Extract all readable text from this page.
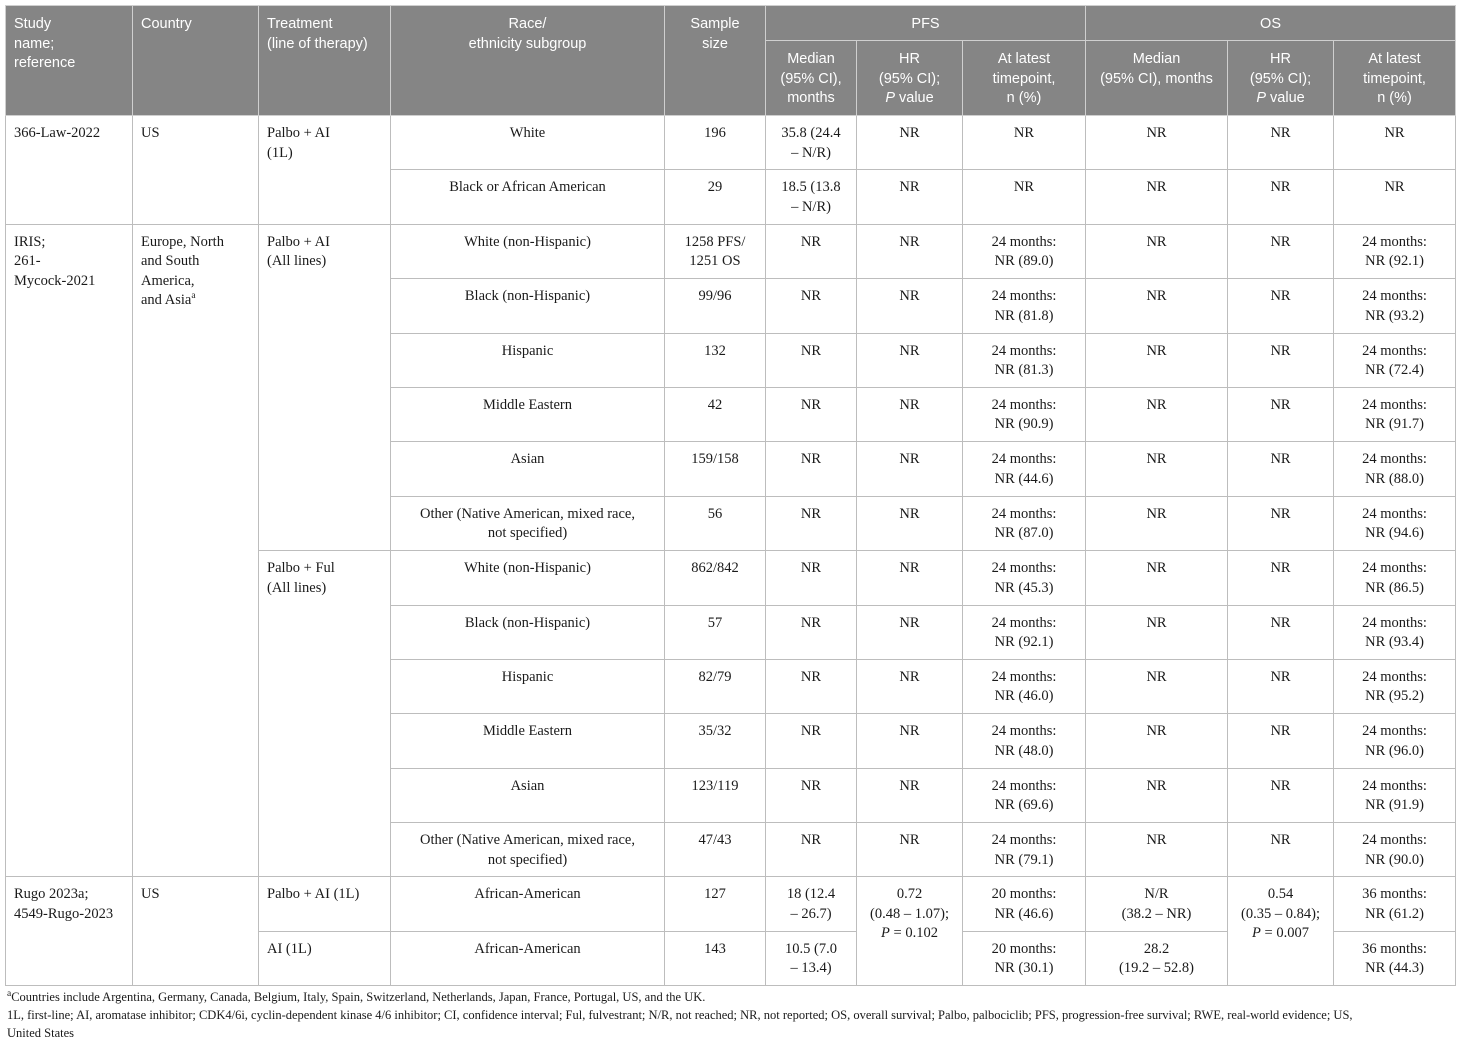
Study
name;
reference	Country	Treatment
(line of therapy)	Race/
ethnicity subgroup	Sample
size	PFS			OS		

					Median
(95% CI),
months	HR
(95% CI);
P value	At latest
timepoint,
n (%)	Median
(95% CI), months	HR
(95% CI);
P value	At latest
timepoint,
n (%)

366-Law-2022	US	Palbo + AI
(1L)	White	196	35.8 (24.4
– N/R)	NR	NR	NR	NR	NR

			Black or African American	29	18.5 (13.8
– N/R)	NR	NR	NR	NR	NR

IRIS;
261-
Mycock-2021	Europe, North
and South
America,
and Asia$^a$	Palbo + AI
(All lines)	White (non-Hispanic)	1258 PFS/
1251 OS	NR	NR	24 months:
NR (89.0)	NR	NR	24 months:
NR (92.1)

			Black (non-Hispanic)	99/96	NR	NR	24 months:
NR (81.8)	NR	NR	24 months:
NR (93.2)

			Hispanic	132	NR	NR	24 months:
NR (81.3)	NR	NR	24 months:
NR (72.4)

			Middle Eastern	42	NR	NR	24 months:
NR (90.9)	NR	NR	24 months:
NR (91.7)

			Asian	159/158	NR	NR	24 months:
NR (44.6)	NR	NR	24 months:
NR (88.0)

			Other (Native American, mixed race,
not specified)	56	NR	NR	24 months:
NR (87.0)	NR	NR	24 months:
NR (94.6)

		Palbo + Ful
(All lines)	White (non-Hispanic)	862/842	NR	NR	24 months:
NR (45.3)	NR	NR	24 months:
NR (86.5)

			Black (non-Hispanic)	57	NR	NR	24 months:
NR (92.1)	NR	NR	24 months:
NR (93.4)

			Hispanic	82/79	NR	NR	24 months:
NR (46.0)	NR	NR	24 months:
NR (95.2)

			Middle Eastern	35/32	NR	NR	24 months:
NR (48.0)	NR	NR	24 months:
NR (96.0)

			Asian	123/119	NR	NR	24 months:
NR (69.6)	NR	NR	24 months:
NR (91.9)

			Other (Native American, mixed race,
not specified)	47/43	NR	NR	24 months:
NR (79.1)	NR	NR	24 months:
NR (90.0)

Rugo 2023a;
4549-Rugo-2023	US	Palbo + AI (1L)	African-American	127	18 (12.4
– 26.7)	0.72
(0.48 – 1.07);
P = 0.102	20 months:
NR (46.6)	N/R
(38.2 – NR)	0.54
(0.35 – 0.84);
P = 0.007	36 months:
NR (61.2)

		AI (1L)	African-American	143	10.5 (7.0
– 13.4)		20 months:
NR (30.1)	28.2
(19.2 – 52.8)		36 months:
NR (44.3)
$^a$Countries include Argentina, Germany, Canada, Belgium, Italy, Spain, Switzerland, Netherlands, Japan, France, Portugal, US, and the UK.
1L, first-line; AI, aromatase inhibitor; CDK4/6i, cyclin-dependent kinase 4/6 inhibitor; CI, confidence interval; Ful, fulvestrant; N/R, not reached; NR, not reported; OS, overall survival; Palbo, palbociclib; PFS, progression-free survival; RWE, real-world evidence; US,
United States
